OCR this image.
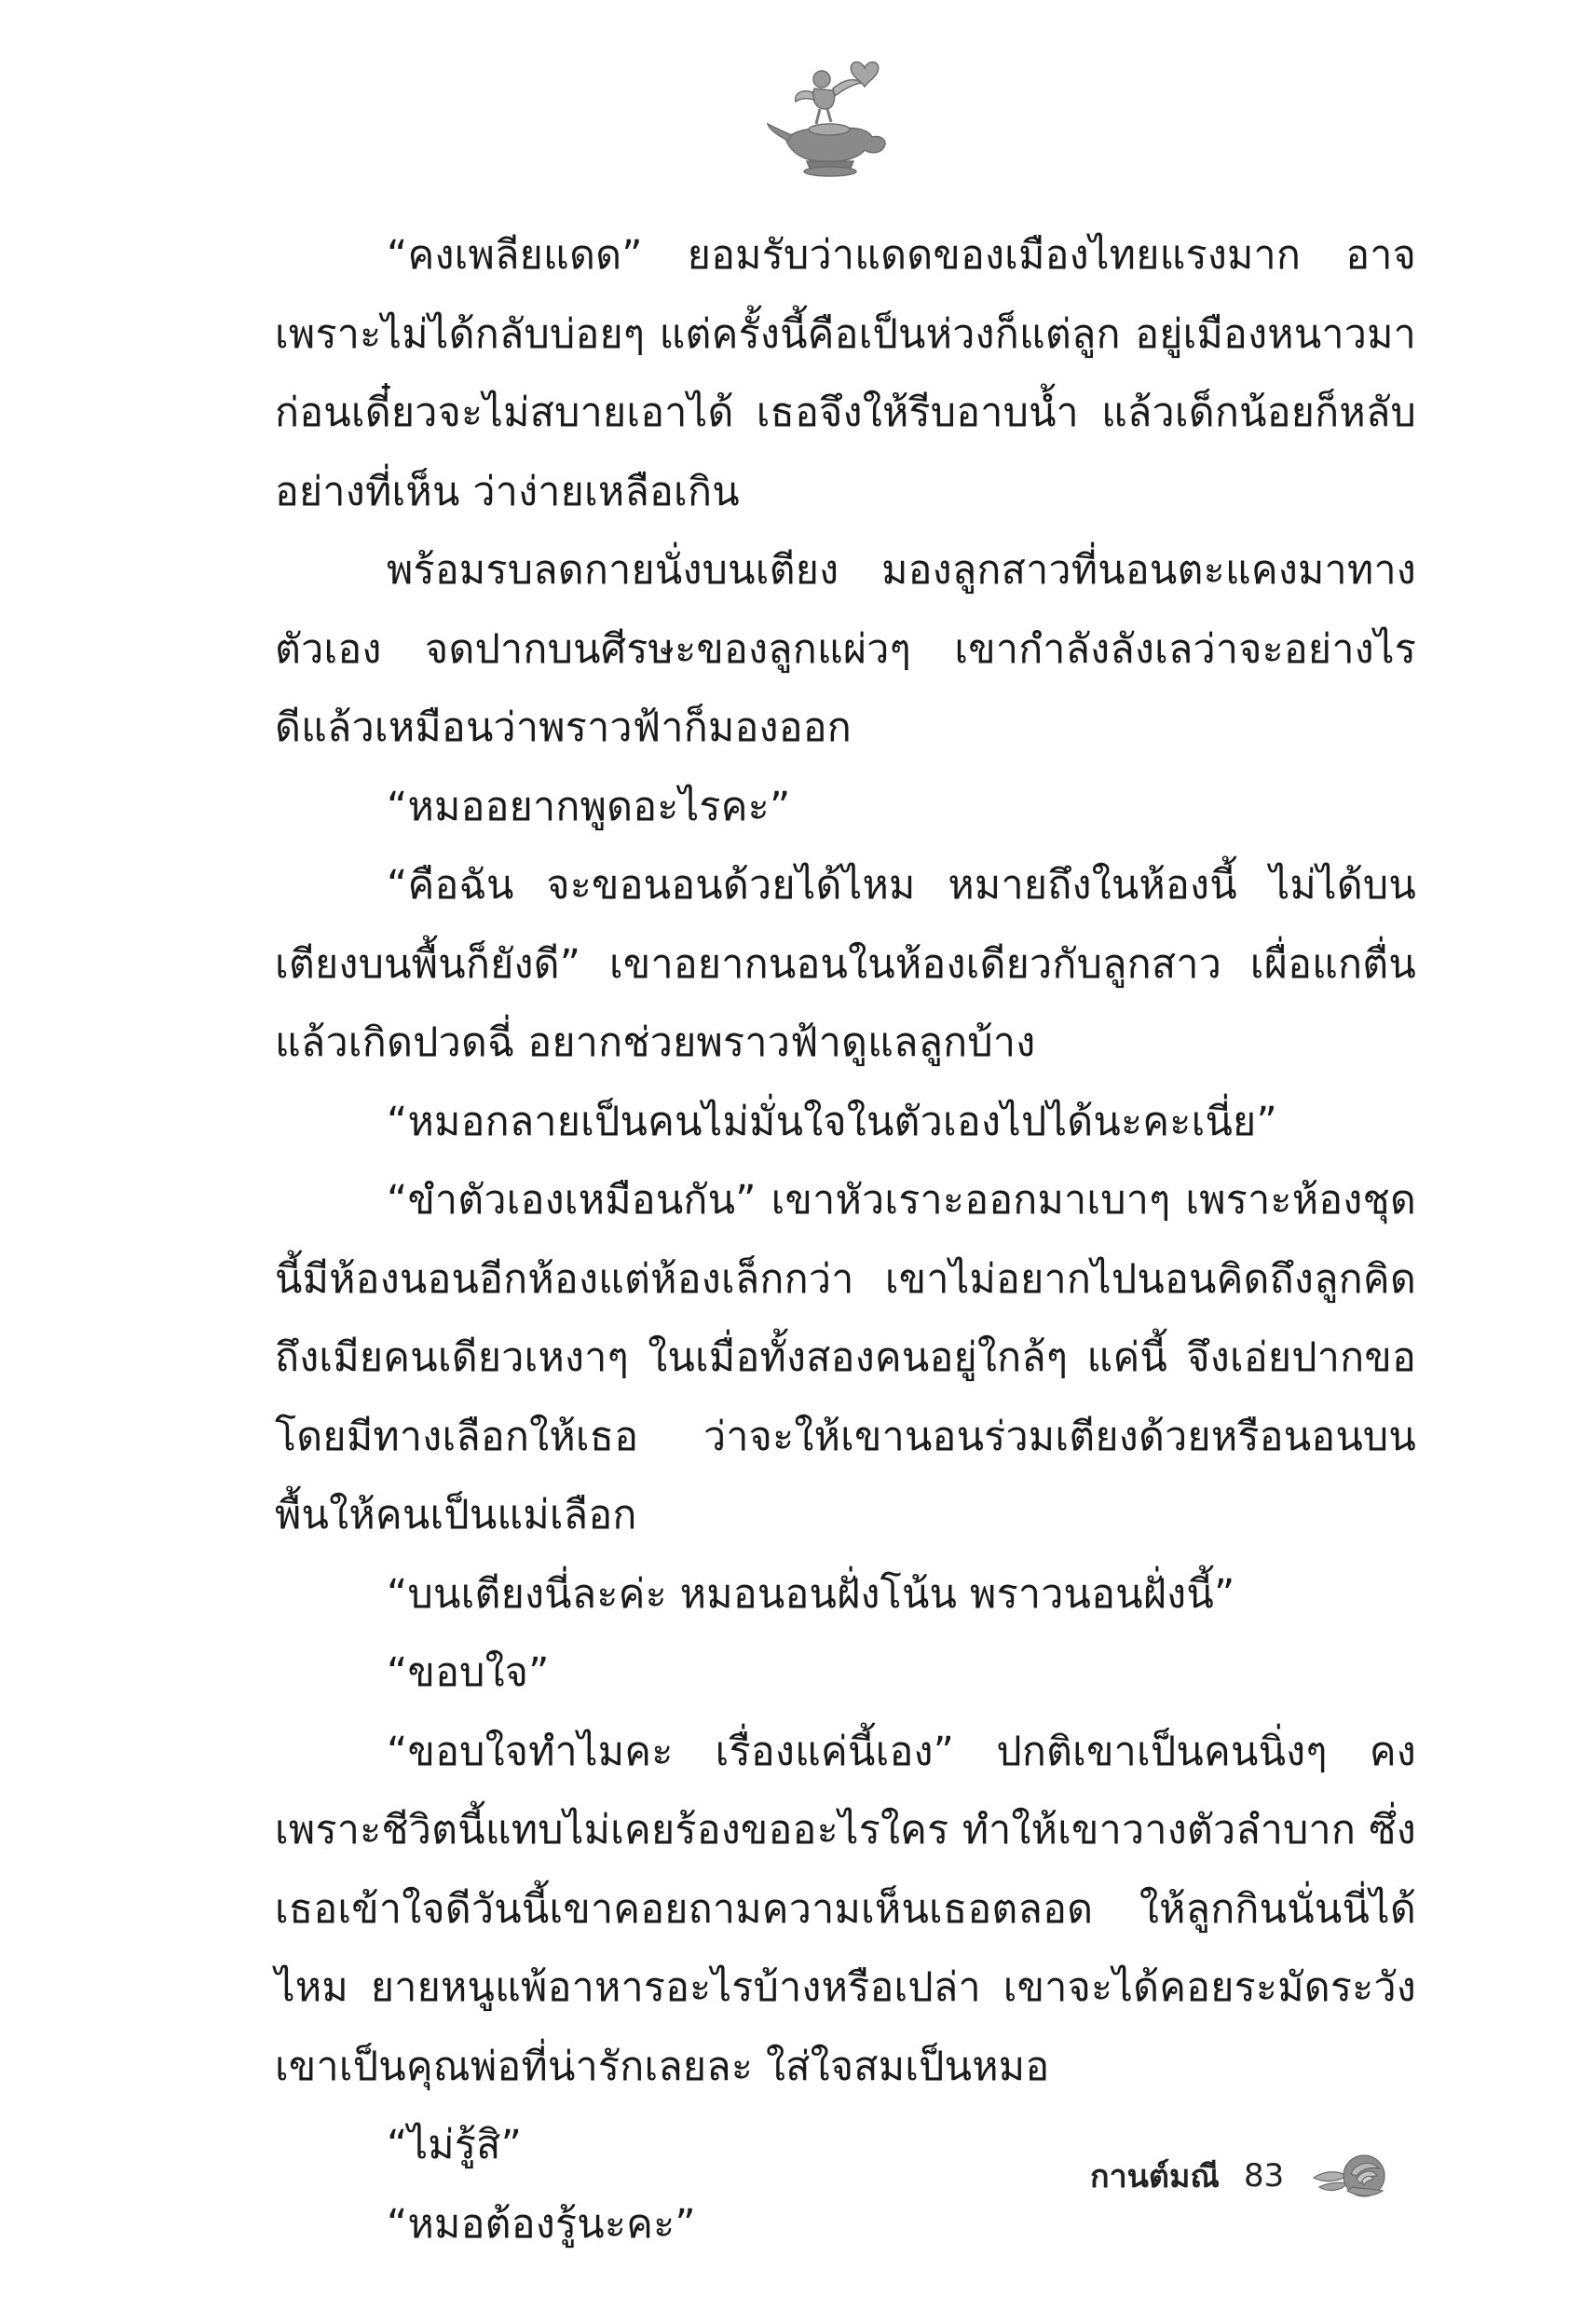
“คงเพลียแดด” ยอมรับว่าแดดของเมืองไทยแรงมาก อาจเพราะไม่ได้กลับบ่อยๆ แต่ครั้งนี้คือเป็นห่วงก็แต่ลูก อยู่เมืองหนาวมาก่อนเดี๋ยวจะไม่สบายเอาได้ เธอจึงให้รีบอาบน้ำ แล้วเด็กน้อยก็หลับอย่างที่เห็น ว่าง่ายเหลือเกิน

พร้อมรบลดกายนั่งบนเตียง มองลูกสาวที่นอนตะแคงมาทางตัวเอง จดปากบนศีรษะของลูกแผ่วๆ เขากำลังลังเลว่าจะอย่างไรดีแล้วเหมือนว่าพราวฟ้าก็มองออก

“หมออยากพูดอะไรคะ”

“คือฉัน จะขอนอนด้วยได้ไหม หมายถึงในห้องนี้ ไม่ได้บนเตียงบนพื้นก็ยังดี” เขาอยากนอนในห้องเดียวกับลูกสาว เผื่อแกตื่นแล้วเกิดปวดฉี่ อยากช่วยพราวฟ้าดูแลลูกบ้าง

“หมอกลายเป็นคนไม่มั่นใจในตัวเองไปได้นะคะเนี่ย”

“ขำตัวเองเหมือนกัน” เขาหัวเราะออกมาเบาๆ เพราะห้องชุดนี้มีห้องนอนอีกห้องแต่ห้องเล็กกว่า เขาไม่อยากไปนอนคิดถึงลูกคิดถึงเมียคนเดียวเหงาๆ ในเมื่อทั้งสองคนอยู่ใกล้ๆ แค่นี้ จึงเอ่ยปากขอโดยมีทางเลือกให้เธอ ว่าจะให้เขานอนร่วมเตียงด้วยหรือนอนบนพื้นให้คนเป็นแม่เลือก

“บนเตียงนี่ละค่ะ หมอนอนฝั่งโน้น พราวนอนฝั่งนี้”

“ขอบใจ”

“ขอบใจทำไมคะ เรื่องแค่นี้เอง” ปกติเขาเป็นคนนิ่งๆ คงเพราะชีวิตนี้แทบไม่เคยร้องขออะไรใคร ทำให้เขาวางตัวลำบาก ซึ่งเธอเข้าใจดีวันนี้เขาคอยถามความเห็นเธอตลอด ให้ลูกกินนั่นนี่ได้ไหม ยายหนูแพ้อาหารอะไรบ้างหรือเปล่า เขาจะได้คอยระมัดระวัง เขาเป็นคุณพ่อที่น่ารักเลยละ ใส่ใจสมเป็นหมอ

“ไม่รู้สิ”

“หมอต้องรู้นะคะ”

กานต์มณี 83
